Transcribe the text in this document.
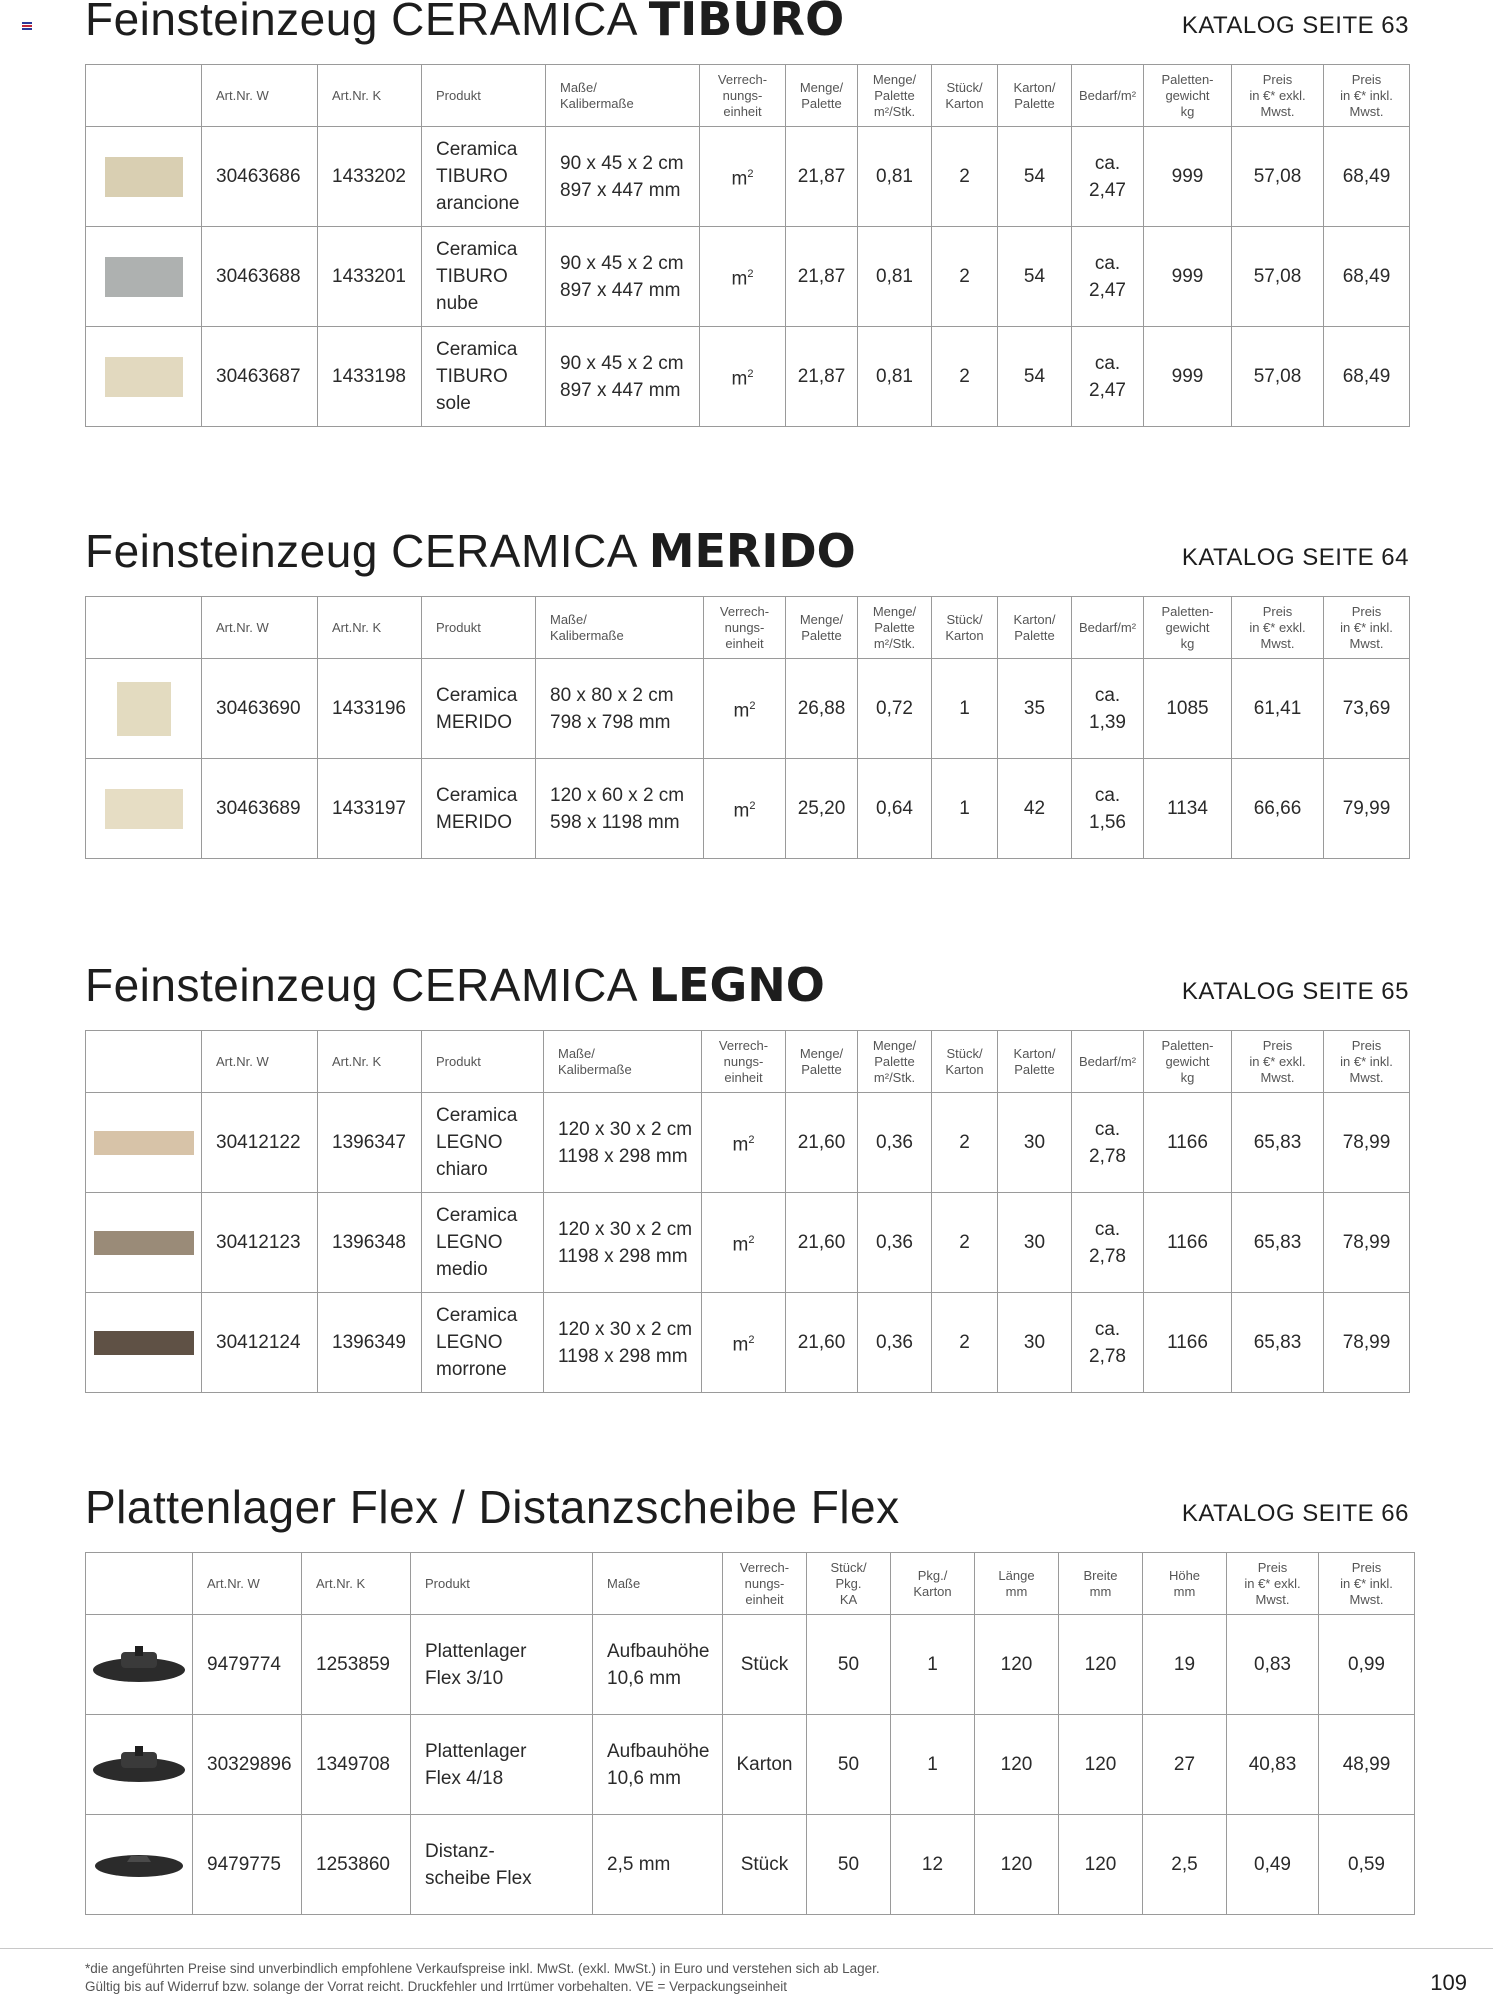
Feinsteinzeug CERAMICA TIBURO	KATALOG SEITE 63
	Art.Nr. W	Art.Nr. K	Produkt	Maße/
Kalibermaße	Verrech-
nungs-
einheit	Menge/
Palette	Menge/
Palette
m²/Stk.	Stück/
Karton	Karton/
Palette	Bedarf/m²	Paletten-
gewicht
kg	Preis
in €* exkl.
Mwst.	Preis
in €* inkl.
Mwst.

	30463686	1433202	Ceramica
TIBURO
arancione	90 x 45 x 2 cm
897 x 447 mm	$m^2$	21,87	0,81	2	54	ca.
2,47	999	57,08	68,49

	30463688	1433201	Ceramica
TIBURO
nube	90 x 45 x 2 cm
897 x 447 mm	$m^2$	21,87	0,81	2	54	ca.
2,47	999	57,08	68,49

	30463687	1433198	Ceramica
TIBURO
sole	90 x 45 x 2 cm
897 x 447 mm	$m^2$	21,87	0,81	2	54	ca.
2,47	999	57,08	68,49
Feinsteinzeug CERAMICA MERIDO	KATALOG SEITE 64
	Art.Nr. W	Art.Nr. K	Produkt	Maße/
Kalibermaße	Verrech-
nungs-
einheit	Menge/
Palette	Menge/
Palette
m²/Stk.	Stück/
Karton	Karton/
Palette	Bedarf/m²	Paletten-
gewicht
kg	Preis
in €* exkl.
Mwst.	Preis
in €* inkl.
Mwst.

	30463690	1433196	Ceramica
MERIDO	80 x 80 x 2 cm
798 x 798 mm	$m^2$	26,88	0,72	1	35	ca. 1,39	1085	61,41	73,69

	30463689	1433197	Ceramica
MERIDO	120 x 60 x 2 cm
598 x 1198 mm	$m^2$	25,20	0,64	1	42	ca. 1,56	1134	66,66	79,99
Feinsteinzeug CERAMICA LEGNO	KATALOG SEITE 65
	Art.Nr. W	Art.Nr. K	Produkt	Maße/
Kalibermaße	Verrech-
nungs-
einheit	Menge/
Palette	Menge/
Palette
m²/Stk.	Stück/
Karton	Karton/
Palette	Bedarf/m²	Paletten-
gewicht
kg	Preis
in €* exkl.
Mwst.	Preis
in €* inkl.
Mwst.

	30412122	1396347	Ceramica
LEGNO
chiaro	120 x 30 x 2 cm
1198 x 298 mm	$m^2$	21,60	0,36	2	30	ca. 2,78	1166	65,83	78,99

	30412123	1396348	Ceramica
LEGNO
medio	120 x 30 x 2 cm
1198 x 298 mm	$m^2$	21,60	0,36	2	30	ca. 2,78	1166	65,83	78,99

	30412124	1396349	Ceramica
LEGNO
morrone	120 x 30 x 2 cm
1198 x 298 mm	$m^2$	21,60	0,36	2	30	ca. 2,78	1166	65,83	78,99
Plattenlager Flex / Distanzscheibe Flex	KATALOG SEITE 66
	Art.Nr. W	Art.Nr. K	Produkt	Maße	Verrech-
nungs-
einheit	Stück/
Pkg.
KA	Pkg./
Karton	Länge
mm	Breite
mm	Höhe
mm	Preis
in €* exkl.
Mwst.	Preis
in €* inkl.
Mwst.

	9479774	1253859	Plattenlager
Flex 3/10	Aufbauhöhe
10,6 mm	Stück	50	1	120	120	19	0,83	0,99

	30329896	1349708	Plattenlager
Flex 4/18	Aufbauhöhe
10,6 mm	Karton	50	1	120	120	27	40,83	48,99

	9479775	1253860	Distanz-
scheibe Flex	2,5 mm	Stück	50	12	120	120	2,5	0,49	0,59
*die angeführten Preise sind unverbindlich empfohlene Verkaufspreise inkl. MwSt. (exkl. MwSt.) in Euro und verstehen sich ab Lager.
Gültig bis auf Widerruf bzw. solange der Vorrat reicht. Druckfehler und Irrtümer vorbehalten. VE = Verpackungseinheit	109
